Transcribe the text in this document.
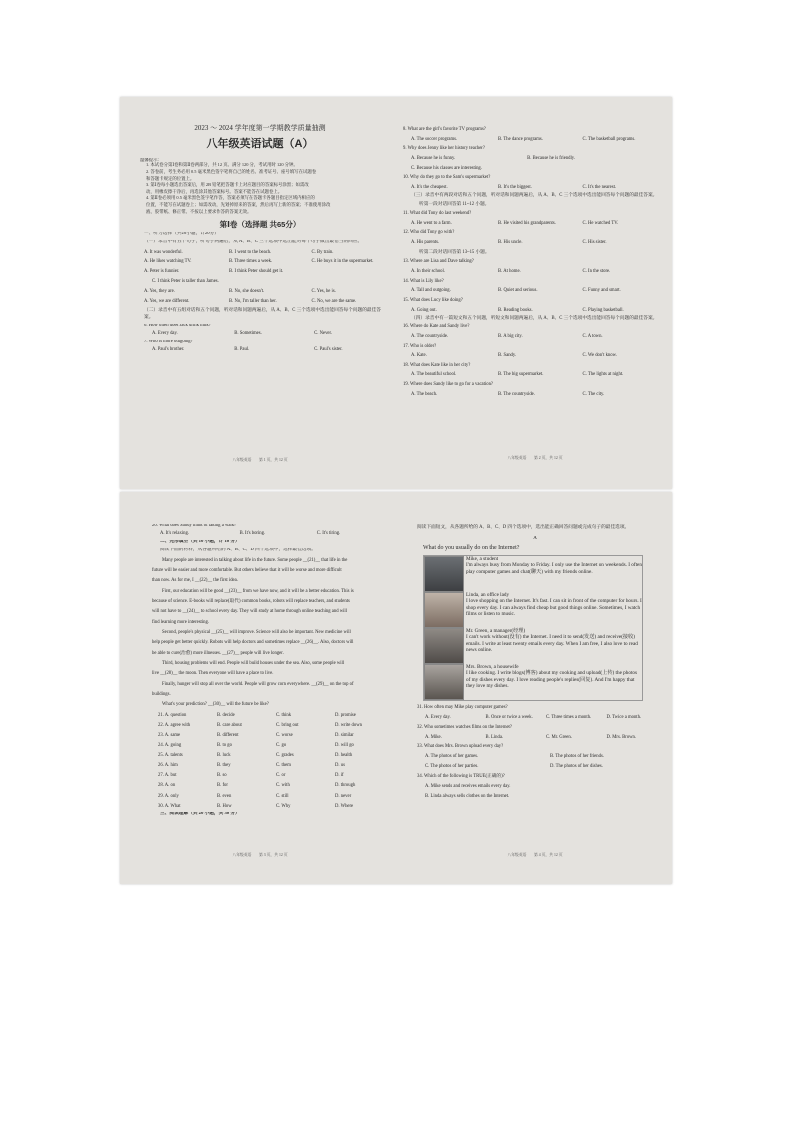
2023 ～ 2024 学年度第一学期教学质量抽测
八年级英语试题（A）
温馨提示：
1. 本试卷分第Ⅰ卷和第Ⅱ卷两部分，共 12 页。满分 120 分，考试用时 120 分钟。
2. 答卷前，考生务必用 0.5 毫米黑色签字笔将自己的姓名、准考证号、座号填写在试题卷
和答题卡规定的位置上。
3. 第Ⅰ卷每小题选出答案后，用 2B 铅笔把答题卡上对应题目的答案标号涂黑；如需改
动，用橡皮擦干净后，再选涂其他答案标号。答案不能答在试题卷上。
4. 第Ⅱ卷必须用 0.5 毫米黑色签字笔作答，答案必须写在答题卡各题目指定区域内相应的
位置，不能写在试题卷上；如需改动，先划掉原来的答案，然后再写上新的答案；不准使用涂改
液、胶带纸、修正带。不按以上要求作答的答案无效。
第Ⅰ卷（选择题 共65分）
一、听力选择（共20小题，计20分）
（一）录音中有五个句子，听句子两遍后，从 A、B、C 三个选项中选出能对每个句子做出最恰当的回应。
A. It was wonderful.	B. I went to the beach.	C. By train.
A. He likes watching TV.	B. Three times a week.	C. He buys it in the supermarket.
A. Peter is funnier.	B. I think Peter should get it.
C. I think Peter is taller than James.
A. Yes, they are.	B. No, she doesn't.	C. Yes, he is.
A. Yes, we are different.	B. No, I'm taller than her.	C. No, we are the same.
（二）录音中有五组对话和五个问题，听对话和问题两遍后，从 A、B、C 三个选项中选出能回答每个问题的最佳答案。
6. How often does Jack drink milk?
A. Every day.	B. Sometimes.	C. Never.
7. Who is more outgoing?
A. Paul's brother.	B. Paul.	C. Paul's sister.
八年级英语　　第 1 页，共 12 页
8. What are the girl's favorite TV programs?
A. The soccer programs.	B. The dance programs.	C. The basketball programs.
9. Why does Jenny like her history teacher?
A. Because he is funny.	B. Because he is friendly.
C. Because his classes are interesting.
10. Why do they go to the Sam's supermarket?
A. It's the cheapest.	B. It's the biggest.	C. It's the nearest.
（三）录音中有两段对话和五个问题，听对话和问题两遍后，从 A、B、C 三个选项中选出能回答每个问题的最佳答案。
听第一段对话回答第 11~12 小题。
11. What did Tony do last weekend?
A. He went to a farm.	B. He visited his grandparents.	C. He watched TV.
12. Who did Tony go with?
A. His parents.	B. His uncle.	C. His sister.
听第二段对话回答第 13~15 小题。
13. Where are Lisa and Dave talking?
A. In their school.	B. At home.	C. In the store.
14. What is Lily like?
A. Tall and outgoing.	B. Quiet and serious.	C. Funny and smart.
15. What does Lucy like doing?
A. Going out.	B. Reading books.	C. Playing basketball.
（四）录音中有一篇短文和五个问题，听短文和问题两遍后，从 A、B、C 三个选项中选出能回答每个问题的最佳答案。
16. Where do Kate and Sandy live?
A. The countryside.	B. A big city.	C. A town.
17. Who is older?
A. Kate.	B. Sandy.	C. We don't know.
18. What does Kate like in her city?
A. The beautiful school.	B. The big supermarket.	C. The lights at night.
19. Where does Sandy like to go for a vacation?
A. The beach.	B. The countryside.	C. The city.
八年级英语　　第 2 页，共 12 页
20. What does Sandy think of taking a walk?
A. It's relaxing.	B. It's boring.	C. It's tiring.
二、完形填空（共 10 小题，计 10 分）
阅读下面的材料，从各题所给的 A、B、C、D 四个选项中，选择最佳选项。
Many people are interested in talking about life in the future. Some people __(21)__ that life in the
future will be easier and more comfortable. But others believe that it will be worse and more difficult
than now. As for me, I __(22)__ the first idea.
First, our education will be good __(23)__ from we have now, and it will be a better education. This is
because of science. E-books will replace(取代) common books, robots will replace teachers, and students
will not have to __(24)__ to school every day. They will study at home through online teaching and will
find learning more interesting.
Second, people's physical __(25)__ will improve. Science will also be important. New medicine will
help people get better quickly. Robots will help doctors and sometimes replace __(26)__. Also, doctors will
be able to cure(治愈) more illnesses. __(27)__ people will live longer.
Third, housing problems will end. People will build houses under the sea. Also, some people will
live __(28)__ the moon. Then everyone will have a place to live.
Finally, hunger will stop all over the world. People will grow corn everywhere. __(29)__ on the top of
buildings.
What's your prediction? __(30)__ will the future be like?
21. A. question	B. decide	C. think	D. promise
22. A. agree with	B. care about	C. bring out	D. write down
23. A. same	B. different	C. worse	D. similar
24. A. going	B. to go	C. go	D. will go
25. A. talents	B. luck	C. grades	D. health
26. A. him	B. they	C. them	D. us
27. A. but	B. so	C. or	D. if
28. A. on	B. for	C. with	D. through
29. A. only	B. even	C. still	D. never
30. A. What	B. How	C. Why	D. Where
三、阅读理解（共 20 小题，共 30 分）
八年级英语　　第 3 页，共 12 页
阅读下面短文，从各题所给的 A、B、C、D 四个选项中，选出能正确回答问题或完成句子的最佳选项。
A
What do you usually do on the Internet?
Mike, a student
I'm always busy from Monday to Friday. I only use the Internet on weekends. I often play computer games and chat(聊天) with my friends online.
Linda, an office lady
I love shopping on the Internet. It's fast. I can sit in front of the computer for hours. I shop every day. I can always find cheap but good things online. Sometimes, I watch films or listen to music.
Mr. Green, a manager(经理)
I can't work without(没有) the Internet. I need it to send(发送) and receive(接收) emails. I write at least twenty emails every day. When I am free, I also love to read news online.
Mrs. Brown, a housewife
I like cooking. I write blogs(博客) about my cooking and upload(上传) the photos of my dishes every day. I love reading people's replies(回复). And I'm happy that they love my dishes.
31. How often may Mike play computer games?
A. Every day.	B. Once or twice a week.	C. Three times a month.	D. Twice a month.
32. Who sometimes watches films on the Internet?
A. Mike.	B. Linda.	C. Mr. Green.	D. Mrs. Brown.
33. What does Mrs. Brown upload every day?
A. The photos of her games.	B. The photos of her friends.
C. The photos of her parties.	D. The photos of her dishes.
34. Which of the following is TRUE(正确的)?
A. Mike sends and receives emails every day.
B. Linda always sells clothes on the Internet.
八年级英语　　第 4 页，共 12 页
